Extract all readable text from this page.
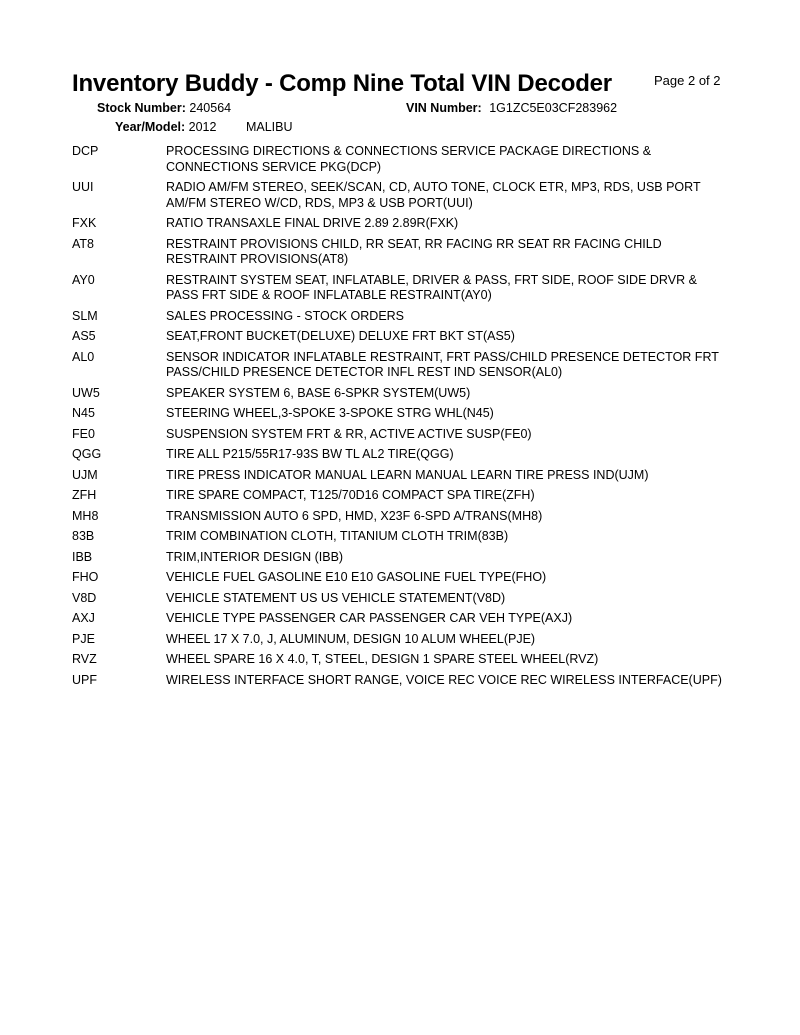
Inventory Buddy - Comp Nine Total VIN Decoder	Page 2 of 2
Stock Number: 240564	VIN Number: 1G1ZC5E03CF283962
Year/Model: 2012 MALIBU
DCP	PROCESSING DIRECTIONS & CONNECTIONS SERVICE PACKAGE DIRECTIONS & CONNECTIONS SERVICE PKG(DCP)
UUI	RADIO AM/FM STEREO, SEEK/SCAN, CD, AUTO TONE, CLOCK ETR, MP3, RDS, USB PORT AM/FM STEREO W/CD, RDS, MP3 & USB PORT(UUI)
FXK	RATIO TRANSAXLE FINAL DRIVE 2.89 2.89R(FXK)
AT8	RESTRAINT PROVISIONS CHILD, RR SEAT, RR FACING RR SEAT RR FACING CHILD RESTRAINT PROVISIONS(AT8)
AY0	RESTRAINT SYSTEM SEAT, INFLATABLE, DRIVER & PASS, FRT SIDE, ROOF SIDE DRVR & PASS FRT SIDE & ROOF INFLATABLE RESTRAINT(AY0)
SLM	SALES PROCESSING - STOCK ORDERS
AS5	SEAT,FRONT BUCKET(DELUXE) DELUXE FRT BKT ST(AS5)
AL0	SENSOR INDICATOR INFLATABLE RESTRAINT, FRT PASS/CHILD PRESENCE DETECTOR FRT PASS/CHILD PRESENCE DETECTOR INFL REST IND SENSOR(AL0)
UW5	SPEAKER SYSTEM 6, BASE 6-SPKR SYSTEM(UW5)
N45	STEERING WHEEL,3-SPOKE 3-SPOKE STRG WHL(N45)
FE0	SUSPENSION SYSTEM FRT & RR, ACTIVE ACTIVE SUSP(FE0)
QGG	TIRE ALL P215/55R17-93S BW TL AL2 TIRE(QGG)
UJM	TIRE PRESS INDICATOR MANUAL LEARN MANUAL LEARN TIRE PRESS IND(UJM)
ZFH	TIRE SPARE COMPACT, T125/70D16 COMPACT SPA TIRE(ZFH)
MH8	TRANSMISSION AUTO 6 SPD, HMD, X23F 6-SPD A/TRANS(MH8)
83B	TRIM COMBINATION CLOTH, TITANIUM CLOTH TRIM(83B)
IBB	TRIM,INTERIOR DESIGN (IBB)
FHO	VEHICLE FUEL GASOLINE E10 E10 GASOLINE FUEL TYPE(FHO)
V8D	VEHICLE STATEMENT US US VEHICLE STATEMENT(V8D)
AXJ	VEHICLE TYPE PASSENGER CAR PASSENGER CAR VEH TYPE(AXJ)
PJE	WHEEL 17 X 7.0, J, ALUMINUM, DESIGN 10 ALUM WHEEL(PJE)
RVZ	WHEEL SPARE 16 X 4.0, T, STEEL, DESIGN 1 SPARE STEEL WHEEL(RVZ)
UPF	WIRELESS INTERFACE SHORT RANGE, VOICE REC VOICE REC WIRELESS INTERFACE(UPF)
